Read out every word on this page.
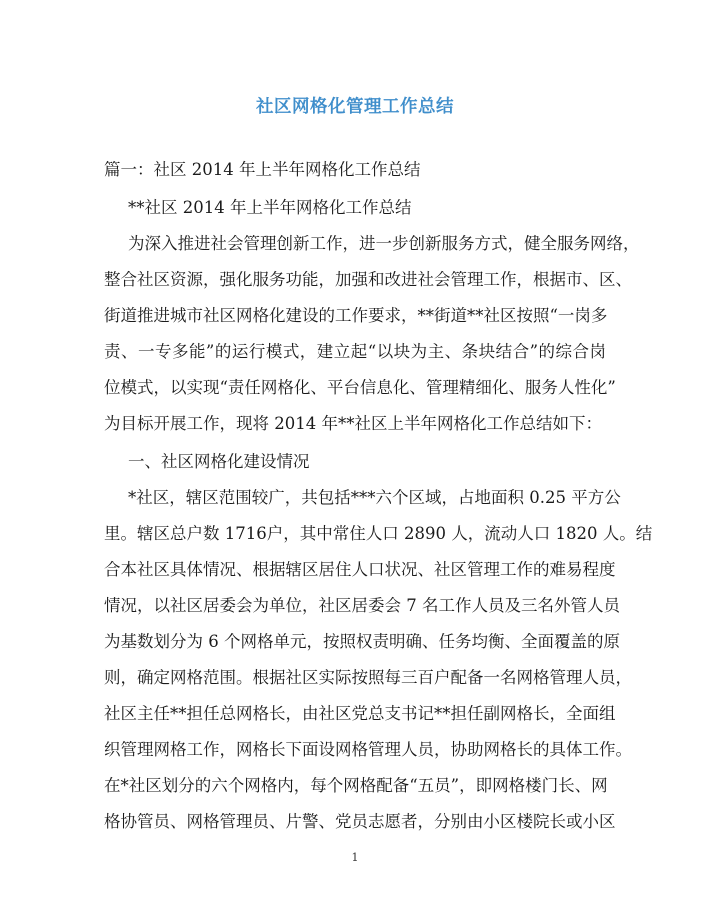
社区网格化管理工作总结
篇一：社区 2014 年上半年网格化工作总结
**社区 2014 年上半年网格化工作总结
为深入推进社会管理创新工作，进一步创新服务方式，健全服务网络，
整合社区资源，强化服务功能，加强和改进社会管理工作，根据市、区、
街道推进城市社区网格化建设的工作要求，**街道**社区按照“一岗多
责、一专多能”的运行模式，建立起“以块为主、条块结合”的综合岗
位模式，以实现“责任网格化、平台信息化、管理精细化、服务人性化”
为目标开展工作，现将 2014 年**社区上半年网格化工作总结如下：
一、社区网格化建设情况
*社区，辖区范围较广，共包括***六个区域，占地面积 0.25 平方公
里。辖区总户数 1716户，其中常住人口 2890 人，流动人口 1820 人。结
合本社区具体情况、根据辖区居住人口状况、社区管理工作的难易程度
情况，以社区居委会为单位，社区居委会 7 名工作人员及三名外管人员
为基数划分为 6 个网格单元，按照权责明确、任务均衡、全面覆盖的原
则，确定网格范围。根据社区实际按照每三百户配备一名网格管理人员，
社区主任**担任总网格长，由社区党总支书记**担任副网格长，全面组
织管理网格工作，网格长下面设网格管理人员，协助网格长的具体工作。
在*社区划分的六个网格内，每个网格配备“五员”，即网格楼门长、网
格协管员、网格管理员、片警、党员志愿者，分别由小区楼院长或小区
1
